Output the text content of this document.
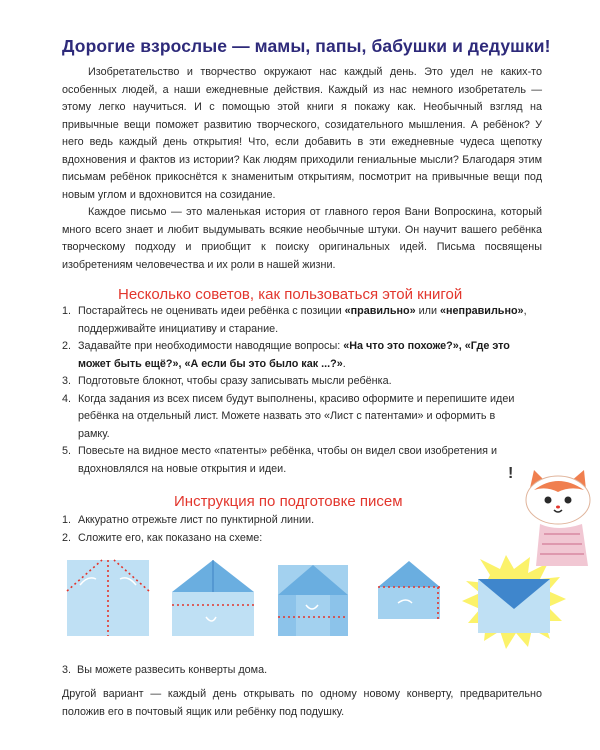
Дорогие взрослые — мамы, папы, бабушки и дедушки!

Изобретательство и творчество окружают нас каждый день. Это удел не каких-то особенных людей, а наши ежедневные действия. Каждый из нас немного изобретатель — этому легко научиться. И с помощью этой книги я покажу как. Необычный взгляд на привычные вещи поможет развитию творческого, созидательного мышления. А ребёнок? У него ведь каждый день открытия! Что, если добавить в эти ежедневные чудеса щепотку вдохновения и фактов из истории? Как людям приходили гениальные мысли? Благодаря этим письмам ребёнок прикоснётся к знаменитым открытиям, посмотрит на привычные вещи под новым углом и вдохновится на созидание.

Каждое письмо — это маленькая история от главного героя Вани Вопроскина, который много всего знает и любит выдумывать всякие необычные штуки. Он научит вашего ребёнка творческому подходу и приобщит к поиску оригинальных идей. Письма посвящены изобретениям человечества и их роли в нашей жизни.

Несколько советов, как пользоваться этой книгой
1. Постарайтесь не оценивать идеи ребёнка с позиции «правильно» или «неправильно», поддерживайте инициативу и старание.
2. Задавайте при необходимости наводящие вопросы: «На что это похоже?», «Где это может быть ещё?», «А если бы это было как ...?».
3. Подготовьте блокнот, чтобы сразу записывать мысли ребёнка.
4. Когда задания из всех писем будут выполнены, красиво оформите и перепишите идеи ребёнка на отдельный лист. Можете назвать это «Лист с патентами» и оформить в рамку.
5. Повесьте на видное место «патенты» ребёнка, чтобы он видел свои изобретения и вдохновлялся на новые открытия и идеи.
Инструкция по подготовке писем
1. Аккуратно отрежьте лист по пунктирной линии.
2. Сложите его, как показано на схеме:
!
3. Вы можете развесить конверты дома.
Другой вариант — каждый день открывать по одному новому конверту, предварительно положив его в почтовый ящик или ребёнку под подушку.
